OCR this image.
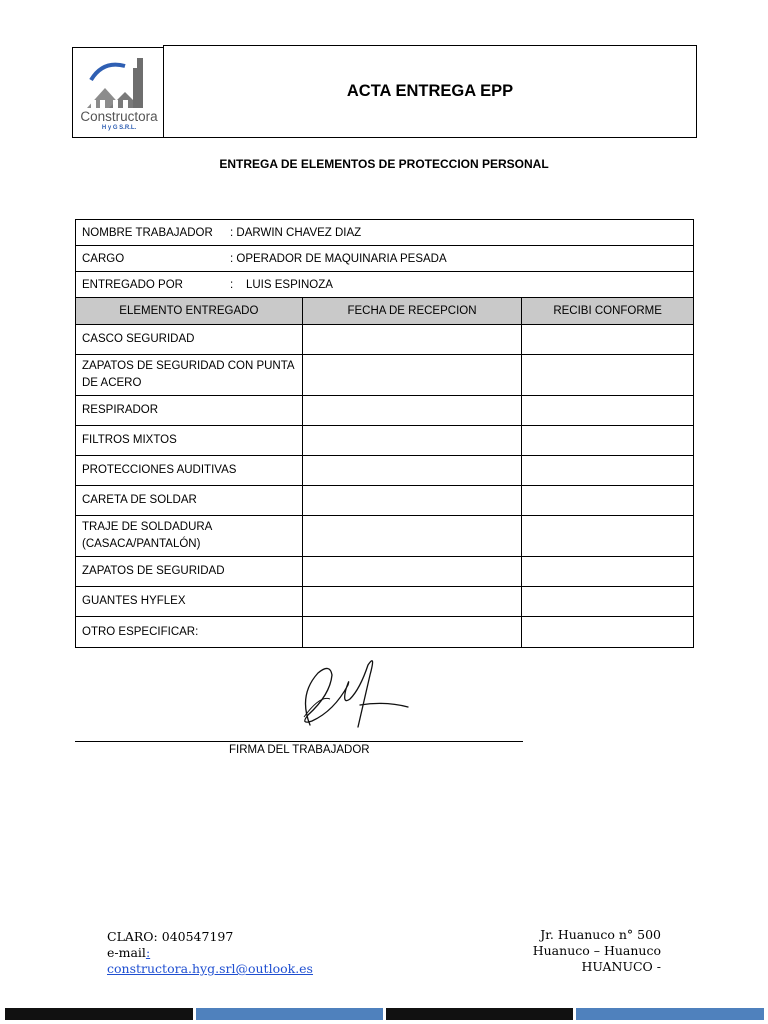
Constructora
H y G S.R.L.
ACTA ENTREGA EPP
ENTREGA DE ELEMENTOS DE PROTECCION PERSONAL
NOMBRE TRABAJADOR : DARWIN CHAVEZ DIAZ		
CARGO : OPERADOR DE MAQUINARIA PESADA		
ENTREGADO POR :    LUIS ESPINOZA		
ELEMENTO ENTREGADO	FECHA DE RECEPCION	RECIBI CONFORME
CASCO SEGURIDAD		
ZAPATOS DE SEGURIDAD CON PUNTA DE ACERO		
RESPIRADOR		
FILTROS MIXTOS		
PROTECCIONES AUDITIVAS		
CARETA DE SOLDAR		
TRAJE DE SOLDADURA (CASACA/PANTALÓN)		
ZAPATOS DE SEGURIDAD		
GUANTES HYFLEX		
OTRO ESPECIFICAR:		
FIRMA DEL TRABAJADOR
CLARO: 040547197
e-mail:
constructora.hyg.srl@outlook.es
Jr. Huanuco n° 500
Huanuco – Huanuco
HUANUCO -
